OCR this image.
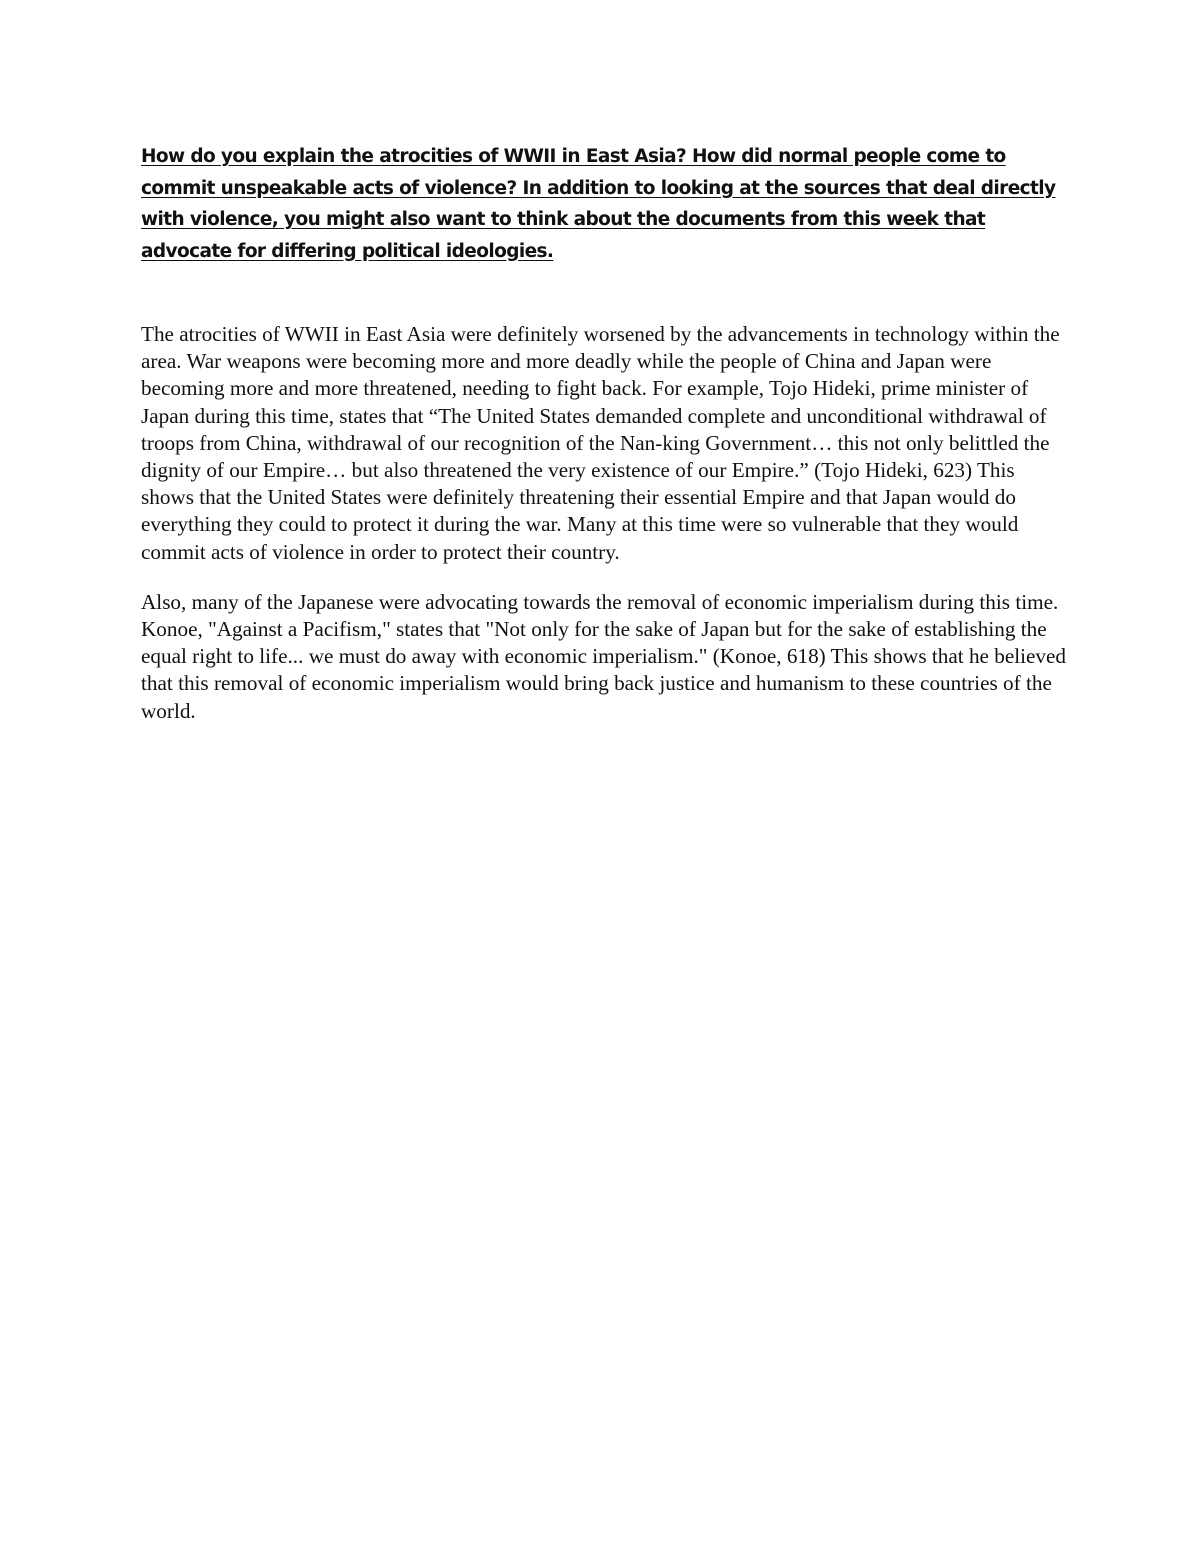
How do you explain the atrocities of WWII in East Asia? How did normal people come to commit unspeakable acts of violence? In addition to looking at the sources that deal directly with violence, you might also want to think about the documents from this week that advocate for differing political ideologies.

The atrocities of WWII in East Asia were definitely worsened by the advancements in technology within the area. War weapons were becoming more and more deadly while the people of China and Japan were becoming more and more threatened, needing to fight back. For example, Tojo Hideki, prime minister of Japan during this time, states that “The United States demanded complete and unconditional withdrawal of troops from China, withdrawal of our recognition of the Nan-king Government… this not only belittled the dignity of our Empire… but also threatened the very existence of our Empire.” (Tojo Hideki, 623) This shows that the United States were definitely threatening their essential Empire and that Japan would do everything they could to protect it during the war. Many at this time were so vulnerable that they would commit acts of violence in order to protect their country.

Also, many of the Japanese were advocating towards the removal of economic imperialism during this time. Konoe, "Against a Pacifism," states that "Not only for the sake of Japan but for the sake of establishing the equal right to life... we must do away with economic imperialism." (Konoe, 618) This shows that he believed that this removal of economic imperialism would bring back justice and humanism to these countries of the world.
